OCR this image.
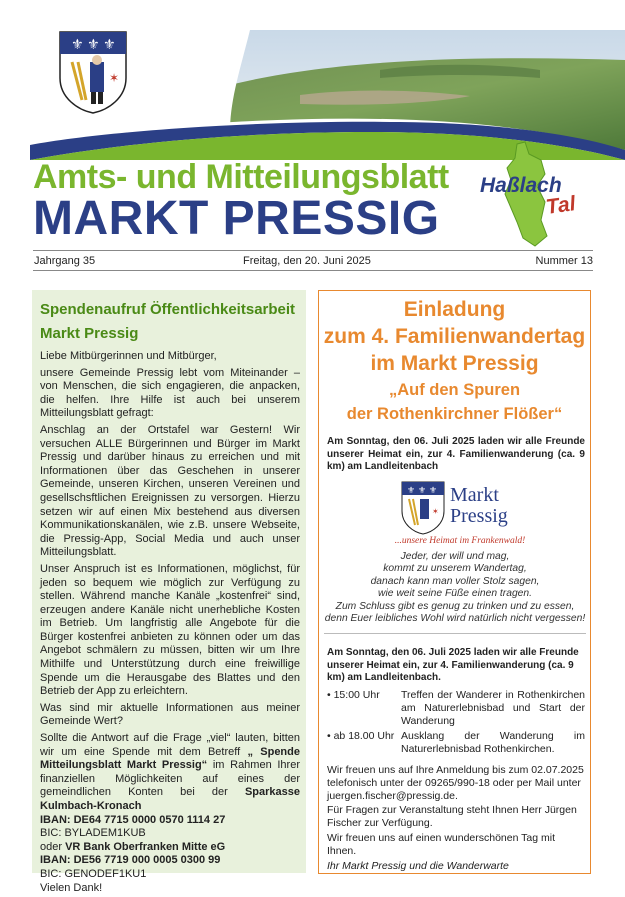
⚜ ⚜ ⚜
✶
Amts- und Mitteilungsblatt
MARKT PRESSIG
Haßlach
Tal
Jahrgang 35	Freitag, den 20. Juni 2025	Nummer 13
Spendenaufruf Öffentlichkeitsarbeit
Markt Pressig

Liebe Mitbürgerinnen und Mitbürger,

unsere Gemeinde Pressig lebt vom Miteinander – von Menschen, die sich engagieren, die anpacken, die helfen. Ihre Hilfe ist auch bei unserem Mitteilungsblatt gefragt:

Anschlag an der Ortstafel war Gestern! Wir versuchen ALLE Bürgerinnen und Bürger im Markt Pressig und darüber hinaus zu erreichen und mit Informationen über das Geschehen in unserer Gemeinde, unseren Kirchen, unseren Vereinen und gesellschsftlichen Ereignissen zu versorgen. Hierzu setzen wir auf einen Mix bestehend aus diversen Kommunikationskanälen, wie z.B. unsere Webseite, die Pressig-App, Social Media und auch unser Mitteilungsblatt.

Unser Anspruch ist es Informationen, möglichst, für jeden so bequem wie möglich zur Verfügung zu stellen. Während manche Kanäle „kostenfrei“ sind, erzeugen andere Kanäle nicht unerhebliche Kosten im Betrieb. Um langfristig alle Angebote für die Bürger kostenfrei anbieten zu können oder um das Angebot schmälern zu müssen, bitten wir um Ihre Mithilfe und Unterstützung durch eine freiwillige Spende um die Herausgabe des Blattes und den Betrieb der App zu erleichtern.

Was sind mir aktuelle Informationen aus meiner Gemeinde Wert?

Sollte die Antwort auf die Frage „viel“ lauten, bitten wir um eine Spende mit dem Betreff „ Spende Mitteilungsblatt Markt Pressig“ im Rahmen Ihrer finanziellen Möglichkeiten auf eines der gemeindlichen Konten bei der Sparkasse Kulmbach-Kronach

IBAN: DE64 7715 0000 0570 1114 27
BIC: BYLADEM1KUB
oder VR Bank Oberfranken Mitte eG
IBAN: DE56 7719 000 0005 0300 99
BIC: GENODEF1KU1
Vielen Dank!
Einladung
zum 4. Familienwandertag
im Markt Pressig
„Auf den Spuren
der Rothenkirchner Flößer“
Am Sonntag, den 06. Juli 2025 laden wir alle Freunde unserer Heimat ein, zur 4. Familienwanderung (ca. 9 km) am Landleitenbach
⚜ ⚜ ⚜
✶
Markt
Pressig
...unsere Heimat im Frankenwald!
Jeder, der will und mag,
kommt zu unserem Wandertag,
danach kann man voller Stolz sagen,
wie weit seine Füße einen tragen.
Zum Schluss gibt es genug zu trinken und zu essen,
denn Euer leibliches Wohl wird natürlich nicht vergessen!
Am Sonntag, den 06. Juli 2025 laden wir alle Freunde unserer Heimat ein, zur 4. Familienwanderung (ca. 9 km) am Landleitenbach.
• 15:00 Uhr Treffen der Wanderer in Rothenkirchen am Naturerlebnisbad und Start der Wanderung
• ab 18.00 Uhr Ausklang der Wanderung im Naturerlebnisbad Rothenkirchen.

Wir freuen uns auf Ihre Anmeldung bis zum 02.07.2025 telefonisch unter der 09265/990-18 oder per Mail unter juergen.fischer@pressig.de.

Für Fragen zur Veranstaltung steht Ihnen Herr Jürgen Fischer zur Verfügung.

Wir freuen uns auf einen wunderschönen Tag mit Ihnen.

Ihr Markt Pressig und die Wanderwarte
